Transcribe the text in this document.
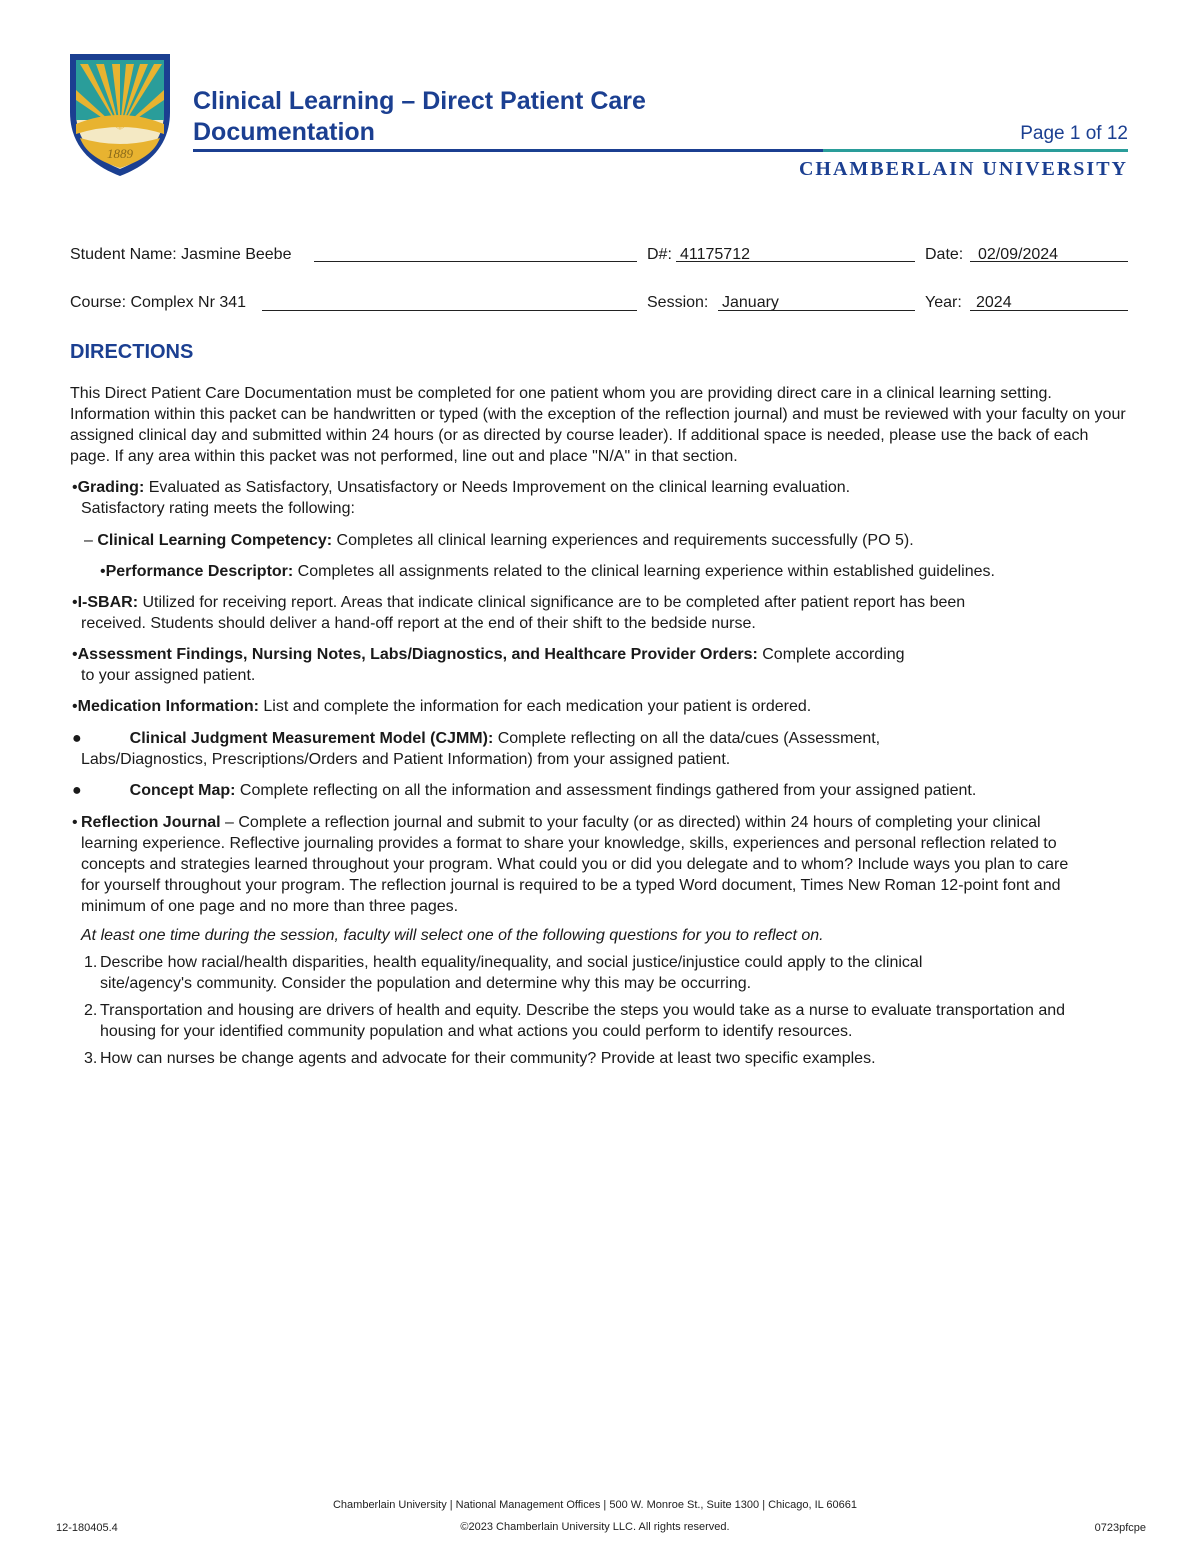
1889
Clinical Learning – Direct Patient Care
Documentation	Page 1 of 12
CHAMBERLAIN UNIVERSITY
Student Name: Jasmine Beebe	D#: 41175712	Date: 02/09/2024
Course: Complex Nr 341	Session: January	Year: 2024
DIRECTIONS
This Direct Patient Care Documentation must be completed for one patient whom you are providing direct care in a clinical learning setting. Information within this packet can be handwritten or typed (with the exception of the reflection journal) and must be reviewed with your faculty on your assigned clinical day and submitted within 24 hours (or as directed by course leader). If additional space is needed, please use the back of each page. If any area within this packet was not performed, line out and place "N/A" in that section.
•Grading: Evaluated as Satisfactory, Unsatisfactory or Needs Improvement on the clinical learning evaluation.
Satisfactory rating meets the following:
– Clinical Learning Competency: Completes all clinical learning experiences and requirements successfully (PO 5).
•Performance Descriptor: Completes all assignments related to the clinical learning experience within established guidelines.
•I-SBAR: Utilized for receiving report. Areas that indicate clinical significance are to be completed after patient report has been
received. Students should deliver a hand-off report at the end of their shift to the bedside nurse.
•Assessment Findings, Nursing Notes, Labs/Diagnostics, and Healthcare Provider Orders: Complete according
to your assigned patient.
•Medication Information: List and complete the information for each medication your patient is ordered.
●	Clinical Judgment Measurement Model (CJMM): Complete reflecting on all the data/cues (Assessment,
Labs/Diagnostics, Prescriptions/Orders and Patient Information) from your assigned patient.
●	Concept Map: Complete reflecting on all the information and assessment findings gathered from your assigned patient.
• Reflection Journal – Complete a reflection journal and submit to your faculty (or as directed) within 24 hours of completing your clinical learning experience. Reflective journaling provides a format to share your knowledge, skills, experiences and personal reflection related to concepts and strategies learned throughout your program. What could you or did you delegate and to whom? Include ways you plan to care for yourself throughout your program. The reflection journal is required to be a typed Word document, Times New Roman 12-point font and minimum of one page and no more than three pages.
At least one time during the session, faculty will select one of the following questions for you to reflect on.
1. Describe how racial/health disparities, health equality/inequality, and social justice/injustice could apply to the clinical site/agency's community. Consider the population and determine why this may be occurring.
2. Transportation and housing are drivers of health and equity. Describe the steps you would take as a nurse to evaluate transportation and housing for your identified community population and what actions you could perform to identify resources.
3. How can nurses be change agents and advocate for their community? Provide at least two specific examples.
Chamberlain University | National Management Offices | 500 W. Monroe St., Suite 1300 | Chicago, IL 60661
12-180405.4	©2023 Chamberlain University LLC. All rights reserved.	0723pfcpe
